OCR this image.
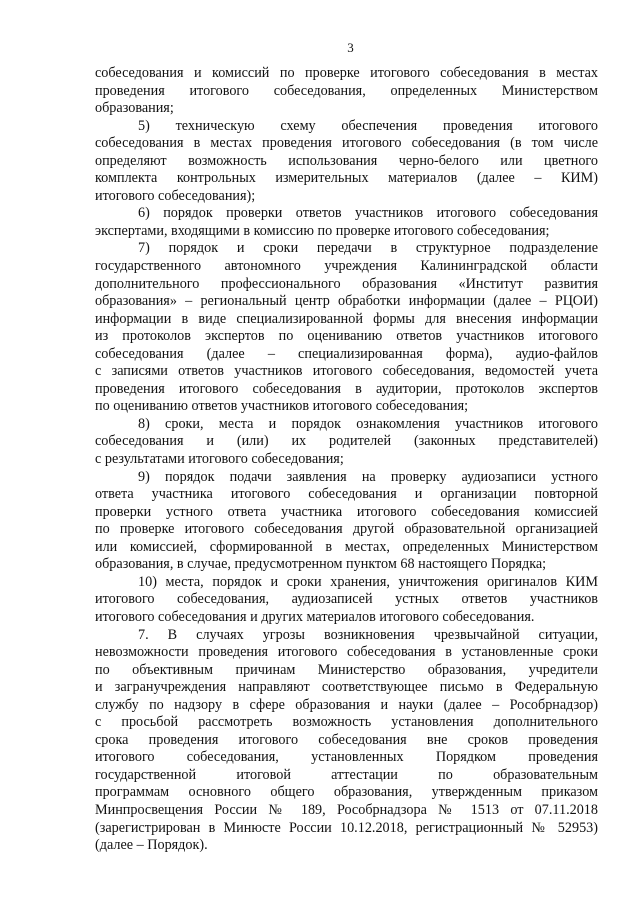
3
собеседования и комиссий по проверке итогового собеседования в местах
проведения итогового собеседования, определенных Министерством
образования;
5) техническую схему обеспечения проведения итогового
собеседования в местах проведения итогового собеседования (в том числе
определяют возможность использования черно-белого или цветного
комплекта контрольных измерительных материалов (далее – КИМ)
итогового собеседования);
6) порядок проверки ответов участников итогового собеседования
экспертами, входящими в комиссию по проверке итогового собеседования;
7) порядок и сроки передачи в структурное подразделение
государственного автономного учреждения Калининградской области
дополнительного профессионального образования «Институт развития
образования» – региональный центр обработки информации (далее – РЦОИ)
информации в виде специализированной формы для внесения информации
из протоколов экспертов по оцениванию ответов участников итогового
собеседования (далее – специализированная форма), аудио-файлов
с записями ответов участников итогового собеседования, ведомостей учета
проведения итогового собеседования в аудитории, протоколов экспертов
по оцениванию ответов участников итогового собеседования;
8) сроки, места и порядок ознакомления участников итогового
собеседования и (или) их родителей (законных представителей)
с результатами итогового собеседования;
9) порядок подачи заявления на проверку аудиозаписи устного
ответа участника итогового собеседования и организации повторной
проверки устного ответа участника итогового собеседования комиссией
по проверке итогового собеседования другой образовательной организацией
или комиссией, сформированной в местах, определенных Министерством
образования, в случае, предусмотренном пунктом 68 настоящего Порядка;
10) места, порядок и сроки хранения, уничтожения оригиналов КИМ
итогового собеседования, аудиозаписей устных ответов участников
итогового собеседования и других материалов итогового собеседования.
7. В случаях угрозы возникновения чрезвычайной ситуации,
невозможности проведения итогового собеседования в установленные сроки
по объективным причинам Министерство образования, учредители
и загранучреждения направляют соответствующее письмо в Федеральную
службу по надзору в сфере образования и науки (далее – Рособрнадзор)
с просьбой рассмотреть возможность установления дополнительного
срока проведения итогового собеседования вне сроков проведения
итогового собеседования, установленных Порядком проведения
государственной итоговой аттестации по образовательным
программам основного общего образования, утвержденным приказом
Минпросвещения России № 189, Рособрнадзора № 1513 от 07.11.2018
(зарегистрирован в Минюсте России 10.12.2018, регистрационный № 52953)
(далее – Порядок).
